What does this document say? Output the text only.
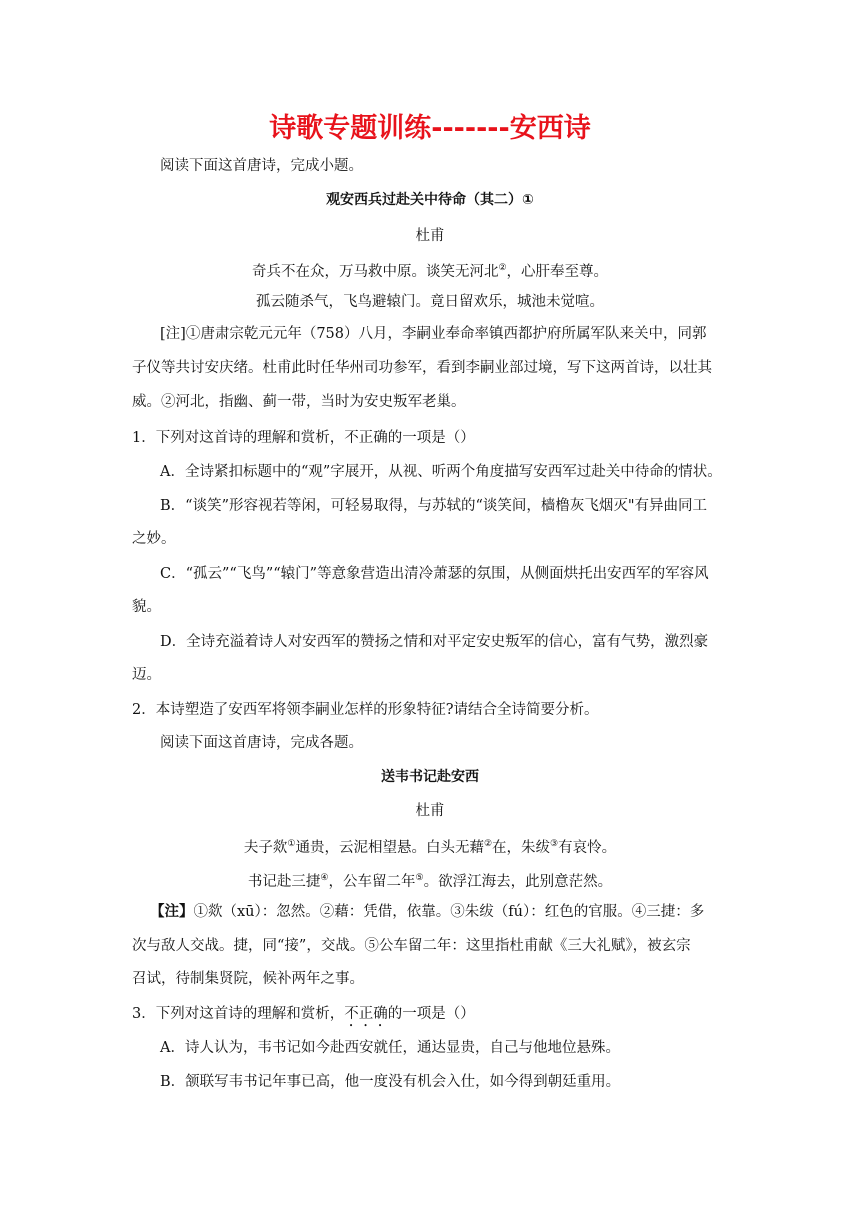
诗歌专题训练-------安西诗
阅读下面这首唐诗，完成小题。
观安西兵过赴关中待命（其二）①
杜甫
奇兵不在众，万马救中原。谈笑无河北②，心肝奉至尊。
孤云随杀气，飞鸟避辕门。竟日留欢乐，城池未觉喧。
[注]①唐肃宗乾元元年（758）八月，李嗣业奉命率镇西都护府所属军队来关中，同郭
子仪等共讨安庆绪。杜甫此时任华州司功参军，看到李嗣业部过境，写下这两首诗，以壮其
威。②河北，指幽、蓟一带，当时为安史叛军老巢。
1．下列对这首诗的理解和赏析，不正确的一项是（）
A．全诗紧扣标题中的“观”字展开，从视、听两个角度描写安西军过赴关中待命的情状。
B．“谈笑”形容视若等闲，可轻易取得，与苏轼的“谈笑间，樯橹灰飞烟灭"有异曲同工
之妙。
C．“孤云”“飞鸟”“辕门”等意象营造出清冷萧瑟的氛围，从侧面烘托出安西军的军容风
貌。
D．全诗充溢着诗人对安西军的赞扬之情和对平定安史叛军的信心，富有气势，激烈豪
迈。
2．本诗塑造了安西军将领李嗣业怎样的形象特征?请结合全诗简要分析。
阅读下面这首唐诗，完成各题。
送韦书记赴安西
杜甫
夫子欻①通贵，云泥相望悬。白头无藉②在，朱绂③有哀怜。
书记赴三捷④，公车留二年⑤。欲浮江海去，此别意茫然。
【注】①欻（xū）：忽然。②藉：凭借，依靠。③朱绂（fú）：红色的官服。④三捷：多
次与敌人交战。捷，同“接”，交战。⑤公车留二年：这里指杜甫献《三大礼赋》，被玄宗
召试，待制集贤院，候补两年之事。
3．下列对这首诗的理解和赏析，不正确的一项是（）
A．诗人认为，韦书记如今赴西安就任，通达显贵，自己与他地位悬殊。
B．颔联写韦书记年事已高，他一度没有机会入仕，如今得到朝廷重用。
